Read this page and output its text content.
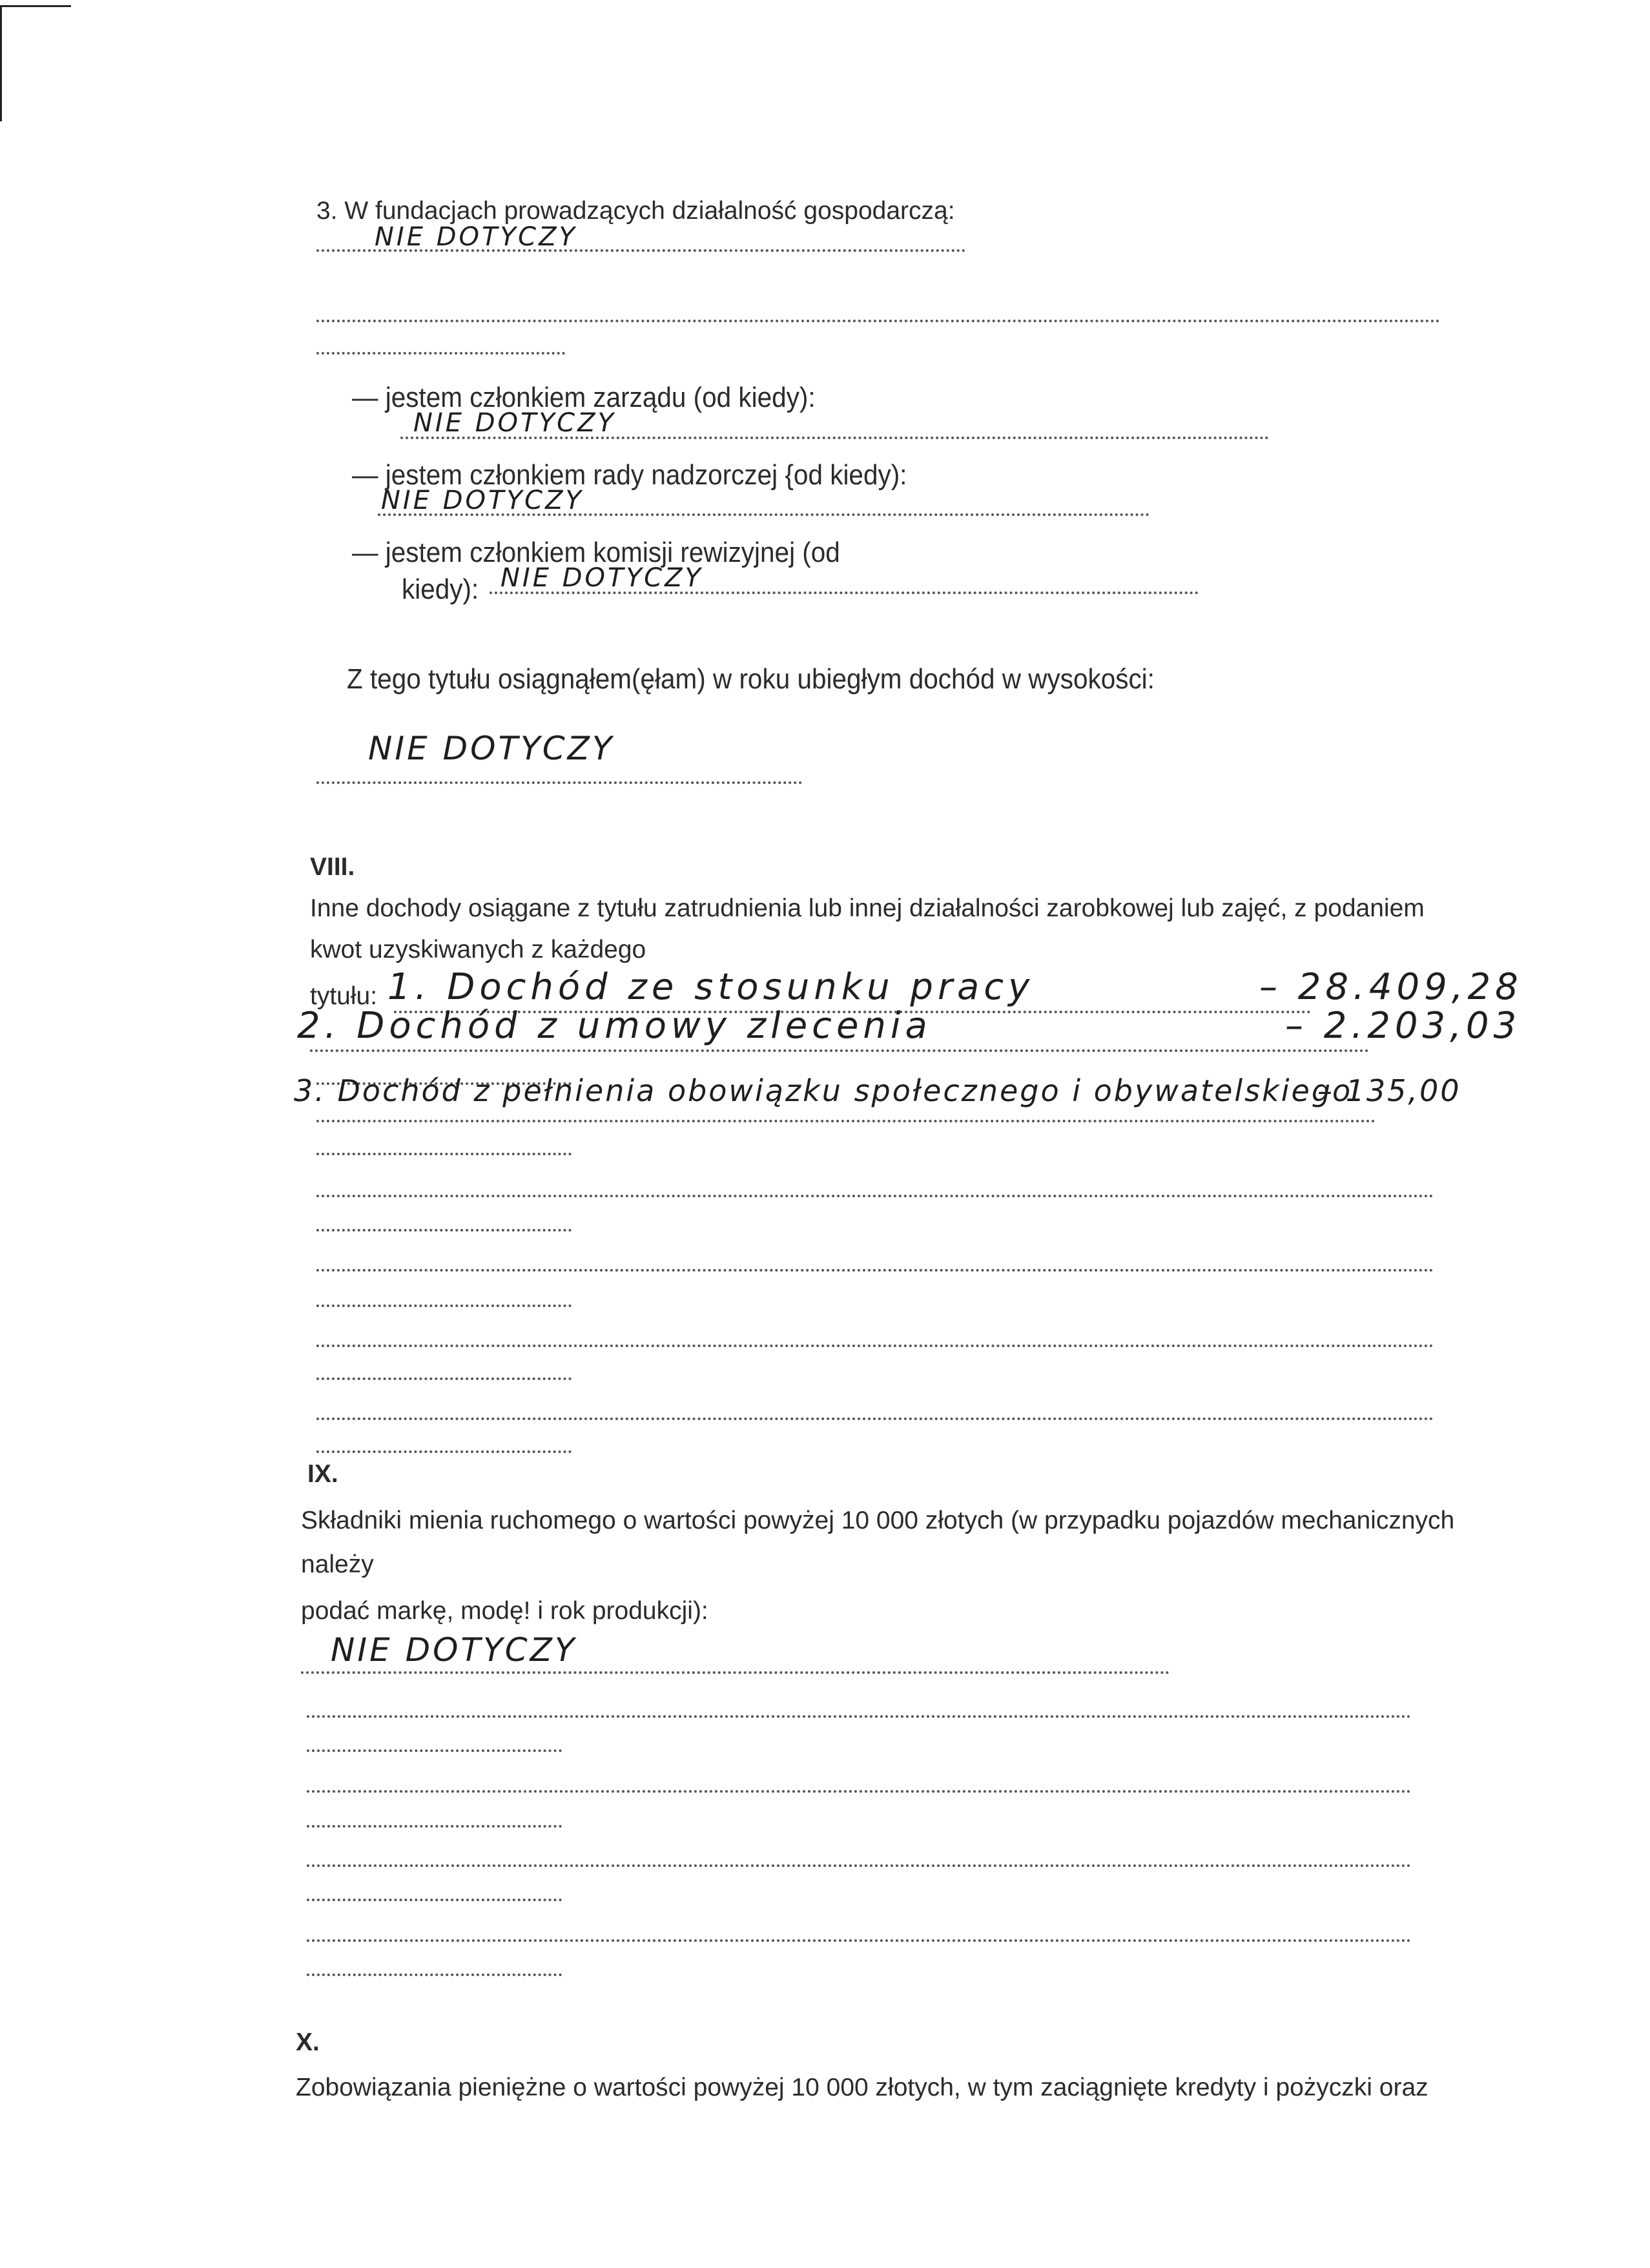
3. W fundacjach prowadzących działalność gospodarczą:
NIE DOTYCZY
— jestem członkiem zarządu (od kiedy):
NIE DOTYCZY
— jestem członkiem rady nadzorczej {od kiedy):
NIE DOTYCZY
— jestem członkiem komisji rewizyjnej (od
kiedy): NIE DOTYCZY
Z tego tytułu osiągnąłem(ęłam) w roku ubiegłym dochód w wysokości:
NIE DOTYCZY
VIII.
Inne dochody osiągane z tytułu zatrudnienia lub innej działalności zarobkowej lub zajęć, z podaniem
kwot uzyskiwanych z każdego
tytułu: 1. Dochód ze stosunku pracy	– 28.409,28
2. Dochód z umowy zlecenia	– 2.203,03
3. Dochód z pełnienia obowiązku społecznego i obywatelskiego
– 135,00
IX.
Składniki mienia ruchomego o wartości powyżej 10 000 złotych (w przypadku pojazdów mechanicznych
należy
podać markę, modę! i rok produkcji):
NIE DOTYCZY
X.
Zobowiązania pieniężne o wartości powyżej 10 000 złotych, w tym zaciągnięte kredyty i pożyczki oraz
